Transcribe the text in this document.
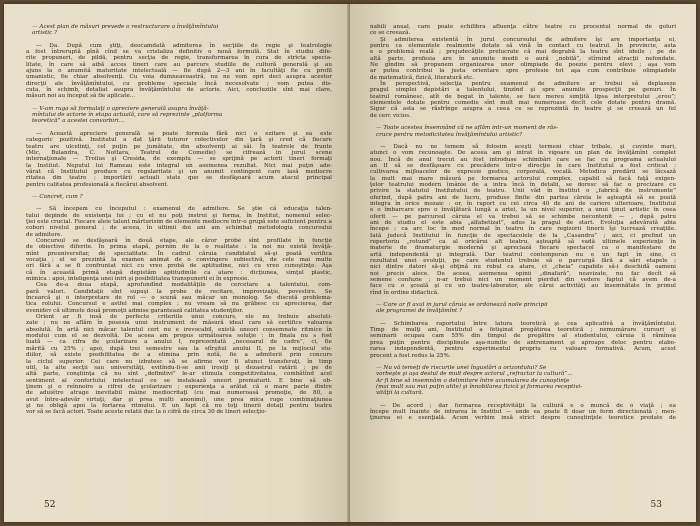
— Acest plan de măsuri prevede o restructurare a învăţămîntului
artistic ?
— Da. După cum ştiţi, deocamdată admiterea în secţiile de regie şi teatrologie
a fost întreruptă pînă cînd se va cristaliza definitiv o nouă formulă. Stat în studiu dife-
rite propuneri, de pildă, pentru secţia de regie, transformarea în cura de stricta specia-
litate, în care să aibă acces tineri care au parcurs studiile de cultură generală şi au
ajuns la o anumită maturitate intelectuală — fie după 2—3 ani în facultăţi fie cu profil
umanistic, fie chiar absolvenţi. Cu voia dumneavoastră, nu ne vom opri deci asupra acestor
direcţii ale învăţămîntului, cu probleme speciale încă necesolvate ; vom putea dis-
cuta, în schimb, detaliat asupra învăţămîntului de actorie. Aici, concluziile sînt mai clare,
măsuri noi au început să fie aplicate...
— V-am ruga să formulaţi o apreciere generală asupra învăţă-
mîntului de actorie în etapa actuală, care să reprezinte „platforma
teoretică” a acestei convorbiri...
— Această apreciere generală se poate formula fără nici o ezitare şi ea este
categoric pozitivă. Institutul a dat ţării tuturor colectivelor din ţară şi cred că fiecare
teatru are ulcelinţi, cel puţin pe jumătate, din absolvenţi ai săi. În teatrele de frunte
(Mic, Bulandra, C. Nottara, Teatrul de Comedie) se cifrează in jurul scene
internaţionale — Troilus şi Cresida, de exemplu — se sprijină pe actorii tineri formaţi
la Institut. Neputul lui Rameau este integral un asemenea rezultat. Nici mai puţin ade-
vărat că Institutul produce cu regularitate şi un anumit contingent care lasă mediocre
ritatea din teatre ; importării actuali stats quo se desfăşoară acum atacul principal
pentru calitatea profesională a fiecărui absolvent.
— Concret, cum ?
— Să începem cu începutul : examenul de admitere. Se ştie că educaţia talen-
tului depinde de existenţa lui ; cu el nu poţi instrui şi forma, în Institut, nomenul selec-
ţiei este crucial. Fiecare aleie talent mărturisim de elemente mediocre intr-o grupă este suficient pentru a
cobori nivelul general ; de aceea, în ultimii doi ani am schimbat metodologia concursului
de admitere.
Concursul se desfăşoară în două etape, ale căror probe sînt profilate în funcţie
de obiective diferite. În prima etapă, pornim de la o realitate : la noi nu există învăţă-
mînt preuniversitar, de specialitate. În cadrul căruia candidatul să-şi poată verifica
vocaţia ; el se prezintă la examen animat de o convingere subiectivă, de cele mai multe
ori fără a se fi confruntat nici cu vreo probă de aptitudine, nici cu vreo cunoştinţe. Aşa
că în această primă etapă depistăm aptitudinile ca atare : dicţiunea, simţul plastic,
mimica : apoi, inteligenţa unei iniri şi posibilitatea transpunerii ei în expresie.
Cea de-a doua etapă, aprofundînd modalităţile de cercetare a talentului, com-
pară valori. Candidaţii sînt supuşi la probe de recitare, improvizaţie, povestire. Se
încearcă şi o interpretare de rol — o scenă sau măcar un monolog. Se discută problema-
tica rolului. Concursul e astfel mai complex ; nu vream să nu grăbesc cu aprecierea, dar
evenidev că ultimele două promoţii admise garantează calitatea studenţilor.
Orient ar fi insă de perfecte criteriile unui concurs, ele nu trebuie absoluti-
zate ; nu ne aflăm în posesia unui instrument de măsură ideal care să certifice valoarea
absolută. În artă nici măcar talentul cert nu e irevocabil, există uneori consemnate ritmice în
modului cum el se dezvoltă. De aceea am propus următoarea soluţie : în finala nu s fost
luată — ca cifra de şcolarizare a anului I, reprezentată „necesarul de cadre”, ci, fie
mărită cu 25% ; apoi, după trei semestre sau la sfîrşitul anului II, pe la mijlocul stu-
diilor, să existe posibilitatea de a elimina prin notă, fie a admiterii prin concurs
la ciclul superior. Cei care nu izbutesc să se afirme vor fi atunci transferaţi, în timp
util, la alte secţii sau universităţi, evitîndu-li-se anii irosiţi şi dezastrul ratării ; pe de
altă parte, conştiinţa că nu sînt „definitivi” le-ar stimula competitivitatea, combătînd acel
sentiment al confortului intelectual ce se instalează uneori prematurit. E bine să ob-
ţinem şi o reînnoire a cifrei de şcolarizare ; experienţa a arătat că o mare parte dintre
de aduiétre atrage inevitabil mâine mediocritaţi (cu mai numeroasă promoţie, de 80, a
avut între-adevăr virtuţi, dar şi prea multi anonimi), une prea mica ruge combinaţiunea
şi ne obligă apoi la fortarea ritmului. E un fapt că nu toţi tinerii dotaţi pentru teatru
vor să se facă actori. Toate aceste relatii duc la o cifră de circa 30 de tineri selecţio-
52
nabili anual, care poate echilibra afluenţa către teatre cu procentul normal de goluri
ce se creează.
Şi admiterea existentă în jurul concursului de admitere îşi are importanţa ei,
pentru ca elementele realmente dotate să vină în contact cu teatrul. În provincie, asta
e o problemă reală ; prejudecăţile prelucrate că mai degrabă la teatru sînt ideile ; pe de
altă parte, profesia are în anumite medii o aură „nobilă”, stîrnind atracţii nefondate.
Ne gîndim să propunem organizarea unor olimpiade de poezie pentru elevi ; aşa vom
ar putea contribui la justa orientare spre profesie tot aşa cum contribuie olimpiadele
de matematică, fizică, literatură etc.
În perspectivă, selecţia pentru examenul de admitere ar trebui să deplaseze
pragul simplei depistări a talentului, tinzînd şi spre anumite prospecţii pe genuri. În
teatrul românesc, atît de bogat în talente, se face mereu simţită lipsa interpretului „erou”;
elementele dotate pentru comedie sînt mult mai numeroase decît cele dotate pentru dramă.
Sigur că asta se răsfrînge asupra a ceea ce se reprezintă în teatre şi se creează un fel
de cerc vicios.
— Toate acestea însemnând că ne aflăm intr-un moment de răs-
cruce pentru metodicitatea învăţămîntului artistic?
— Dacă nu ne temem să folosim aceşti termeni chiar tribale, şi cuvinte mari,
atunci o vom recunoaşte. De aceea am şi intrat în vigoare un plan de învăţămînt complet
nou. Încă de anul trecut au fost introduse schimbări care se fac cu programa actualului
an II să se desfăşoare cu precădere într-o direcţie în care Institutul a fost criticat :
cultivarea mijloacelor de expresie gestice, corporală, vocală. Metodica predării se lăcsază
la mult mai mare măsură pe formarea actorului complex, capabil să facă faţă exigen-
ţelor teatrului modern (mânie de a intra încă în detalii, se doresc să fac o precizare cu
privire la statutul Institutului de teatru. Unii văd în Institut o „fabrică de instrumente”
oferind, după patru ani de lucru, produse finite din partea căreia le aşteaptă să se poată
integra în orice mozaic : or, în raport cu cei circa 40 de ani de cariere ulterioare, Institutul
e o îmbarcare spre o învăţătură lungă a artei, la un nivel superior, a unui ţinut artistic în ceea
oferit — pe parcursul căruia el va trebui să se schimbe necontenit — , după patru
ani de studiu el este abia „alfabetizat”, adus la pragul de start. Evoluţia adevărată abia
începe ; ca arc loc în mod normal în teatru în care regizorii tinerii îşi lucrează creaţiile.
Iată judecă Institutul în funcţie de spectacolele de la „Casandra” ; aici, ci prefind un
repertoriu „rotund” ca al oricărui alt teatru, aşteaptă să vadă ultimele experienţe în
materie de dramaturgie modernă şi apreciază fiecare spectacol ca o manifestare de
artă independentă şi integrală. Dar teatrul contemporan nu e un fapt în sine, ci
rezultatul unei evoluţii, pe care studentul trebuie să o parcurgă fără a sări etapele ;
nici dintre datori să-şi obţină nu robul ca atare, ci „cheia” capabile să-i deschidă oameni
noi precis alece. De aceea, asemenea opinii „dinafară”, neavizate, nu fac decît să
semene confuzie ; n-ar trebui nici un moment pierdut din vedere faptul că avem de-a
face cu o şcoală şi cu un teatru-laborator, ale cărui activităţi au însemnătate în primul
rînd în ordine didactică.
— Care ar fi axul in jurul căruia se ordonează noile principii
ale programei de învăţămînt ?
— Schimbarea raportului între latura teoretică şi cea aplicativă a învăţămîntului.
Timp de mulţi ani, Institutul a fetişinat pregătirea teoretică ; nemumărare cursuri şi
seminarii ocupau cam 55% din timpul de pregătire al studentului, căruia îi rămînea
prea puţin pentru disciplinele aşa-numite de antrenament şi aproape deloc pentru elabo-
rarea independentă, pentru experimentul propriu cu valoare formativă. Acum, acest
procent a fost redus la 25%.
— Nu vă temeţi de riscurile unei îngustări a orizontului? Se
vorbeşte şi aşa destul de mult despre actorul „refractar la cultură”...
Ar fi bine să insemnăm o delimitare între acumularea de cunoştinţe
(mai mult sau mai puţin utile) şi înnobilarea fizică şi formarea receptivi-
vităţii la cultură.
— De acord ; dar formarea receptivităţii la cultură e o muncă de o viaţă ; ea
începe mult înainte de intrarea în Institut — unde ea poate fi doar un ferm directionată ; men-
ţinerea ei e esenţială. Acum verbim insă strict despre cunoştinţele teoretice predate de
53
